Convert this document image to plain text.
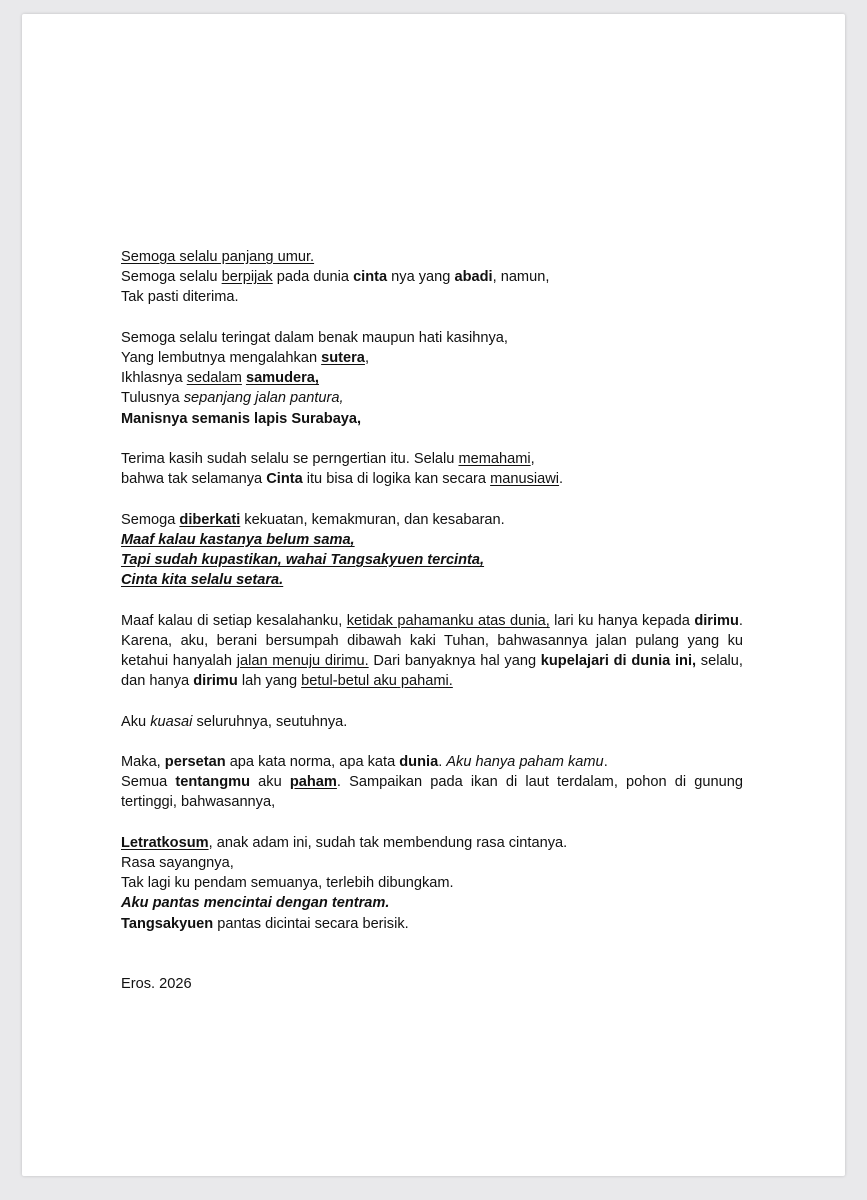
Semoga selalu panjang umur.
Semoga selalu berpijak pada dunia cinta nya yang abadi, namun,
Tak pasti diterima.
Semoga selalu teringat dalam benak maupun hati kasihnya,
Yang lembutnya mengalahkan sutera,
Ikhlasnya sedalam samudera,
Tulusnya sepanjang jalan pantura,
Manisnya semanis lapis Surabaya,
Terima kasih sudah selalu se perngertian itu. Selalu memahami,
bahwa tak selamanya Cinta itu bisa di logika kan secara manusiawi.
Semoga diberkati kekuatan, kemakmuran, dan kesabaran.
Maaf kalau kastanya belum sama,
Tapi sudah kupastikan, wahai Tangsakyuen tercinta,
Cinta kita selalu setara.
Maaf kalau di setiap kesalahanku, ketidak pahamanku atas dunia, lari ku hanya kepada dirimu. Karena, aku, berani bersumpah dibawah kaki Tuhan, bahwasannya jalan pulang yang ku ketahui hanyalah jalan menuju dirimu. Dari banyaknya hal yang kupelajari di dunia ini, selalu, dan hanya dirimu lah yang betul-betul aku pahami.
Aku kuasai seluruhnya, seutuhnya.
Maka, persetan apa kata norma, apa kata dunia. Aku hanya paham kamu.
Semua tentangmu aku paham. Sampaikan pada ikan di laut terdalam, pohon di gunung tertinggi, bahwasannya,
Letratkosum, anak adam ini, sudah tak membendung rasa cintanya.
Rasa sayangnya,
Tak lagi ku pendam semuanya, terlebih dibungkam.
Aku pantas mencintai dengan tentram.
Tangsakyuen pantas dicintai secara berisik.
Eros. 2026
